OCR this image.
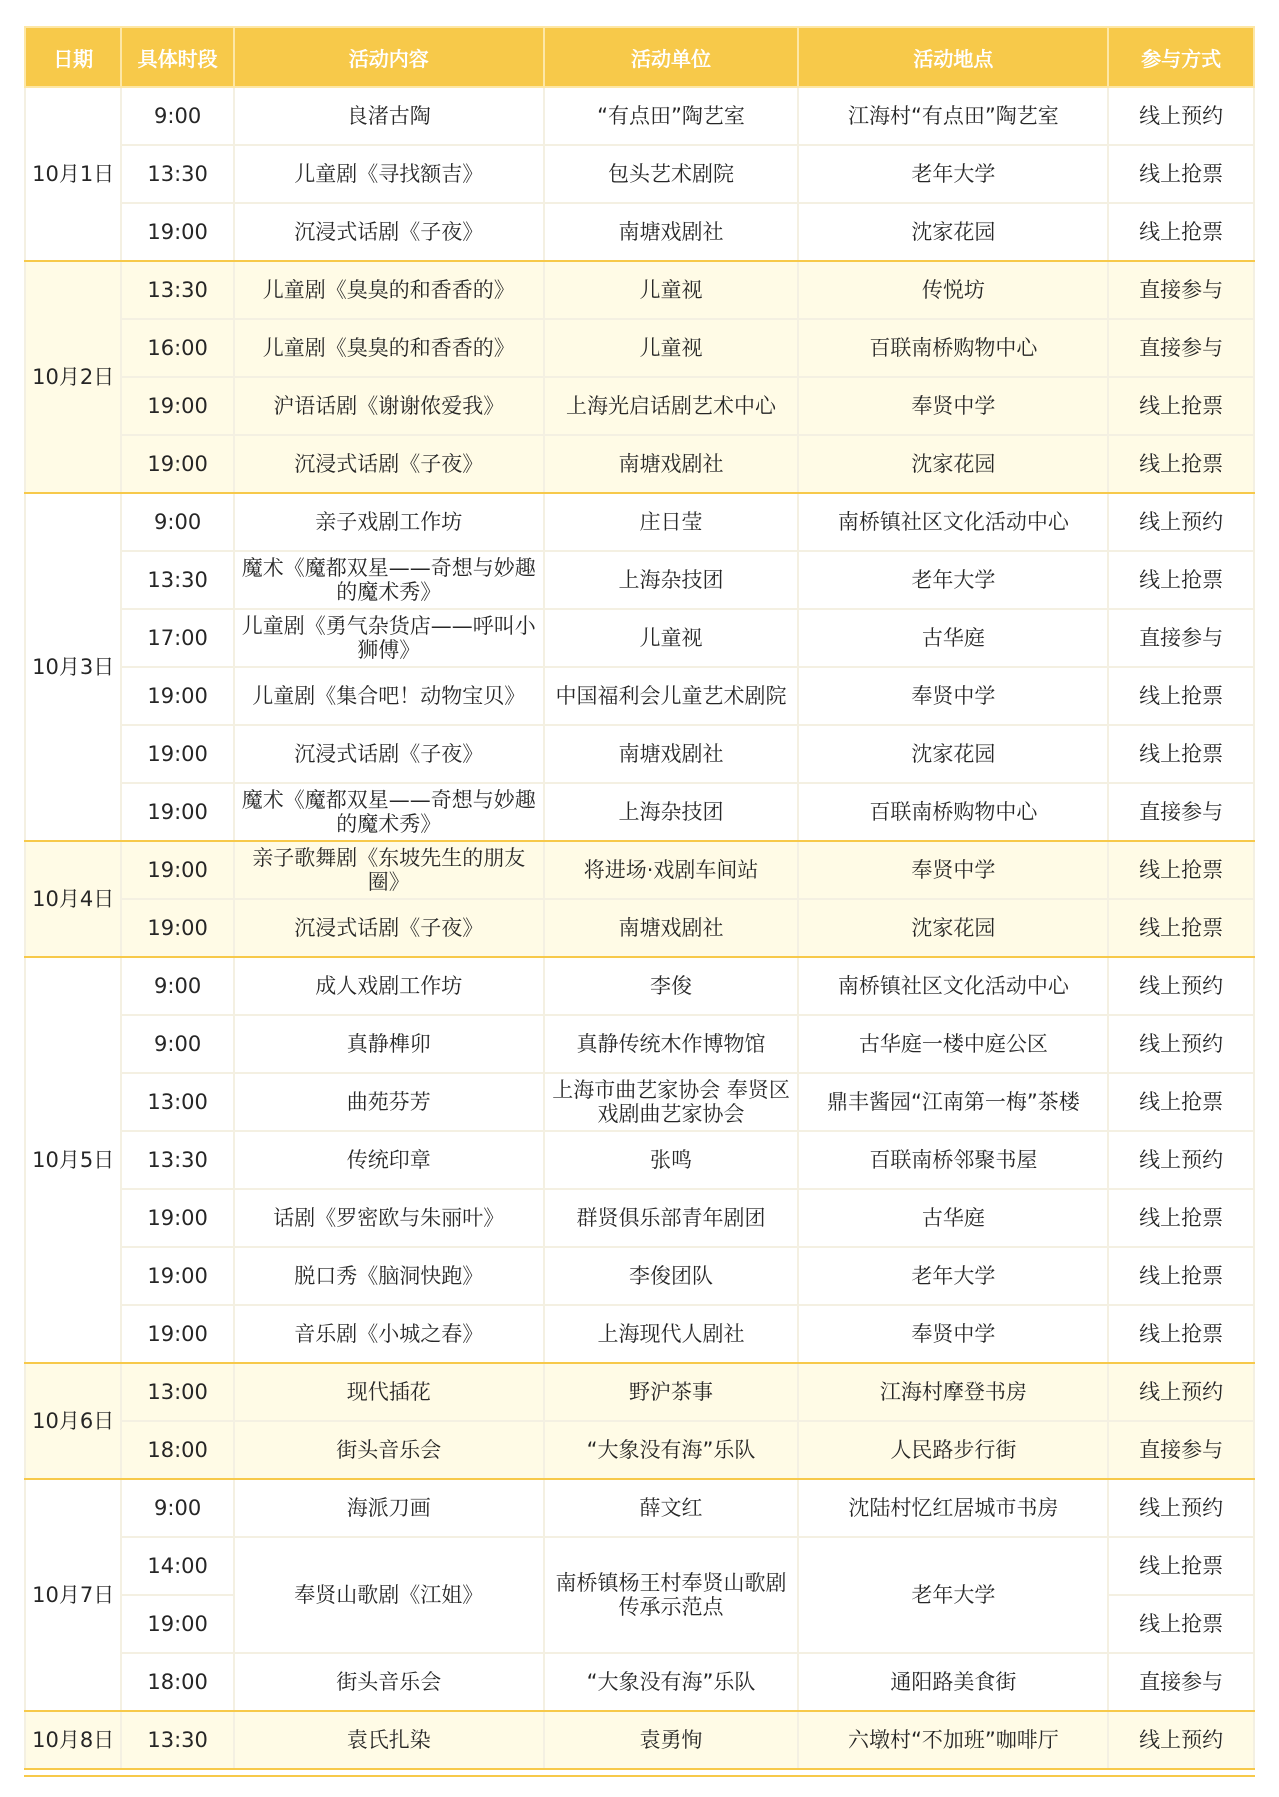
日期	具体时段	活动内容	活动单位	活动地点	参与方式
10月1日	9:00	良渚古陶	“有点田”陶艺室	江海村“有点田”陶艺室	线上预约
	13:30	儿童剧《寻找额吉》	包头艺术剧院	老年大学	线上抢票
	19:00	沉浸式话剧《子夜》	南塘戏剧社	沈家花园	线上抢票
10月2日	13:30	儿童剧《臭臭的和香香的》	儿童视	传悦坊	直接参与
	16:00	儿童剧《臭臭的和香香的》	儿童视	百联南桥购物中心	直接参与
	19:00	沪语话剧《谢谢侬爱我》	上海光启话剧艺术中心	奉贤中学	线上抢票
	19:00	沉浸式话剧《子夜》	南塘戏剧社	沈家花园	线上抢票
10月3日	9:00	亲子戏剧工作坊	庄日莹	南桥镇社区文化活动中心	线上预约
	13:30	魔术《魔都双星——奇想与妙趣的魔术秀》	上海杂技团	老年大学	线上抢票
	17:00	儿童剧《勇气杂货店——呼叫小狮傅》	儿童视	古华庭	直接参与
	19:00	儿童剧《集合吧！动物宝贝》	中国福利会儿童艺术剧院	奉贤中学	线上抢票
	19:00	沉浸式话剧《子夜》	南塘戏剧社	沈家花园	线上抢票
	19:00	魔术《魔都双星——奇想与妙趣的魔术秀》	上海杂技团	百联南桥购物中心	直接参与
10月4日	19:00	亲子歌舞剧《东坡先生的朋友圈》	将进场·戏剧车间站	奉贤中学	线上抢票
	19:00	沉浸式话剧《子夜》	南塘戏剧社	沈家花园	线上抢票
10月5日	9:00	成人戏剧工作坊	李俊	南桥镇社区文化活动中心	线上预约
	9:00	真静榫卯	真静传统木作博物馆	古华庭一楼中庭公区	线上预约
	13:00	曲苑芬芳	上海市曲艺家协会 奉贤区戏剧曲艺家协会	鼎丰酱园“江南第一梅”茶楼	线上抢票
	13:30	传统印章	张鸣	百联南桥邻聚书屋	线上预约
	19:00	话剧《罗密欧与朱丽叶》	群贤俱乐部青年剧团	古华庭	线上抢票
	19:00	脱口秀《脑洞快跑》	李俊团队	老年大学	线上抢票
	19:00	音乐剧《小城之春》	上海现代人剧社	奉贤中学	线上抢票
10月6日	13:00	现代插花	野沪茶事	江海村摩登书房	线上预约
	18:00	街头音乐会	“大象没有海”乐队	人民路步行街	直接参与
10月7日	9:00	海派刀画	薛文红	沈陆村忆红居城市书房	线上预约
	14:00	奉贤山歌剧《江姐》	南桥镇杨王村奉贤山歌剧传承示范点	老年大学	线上抢票
	19:00				线上抢票
	18:00	街头音乐会	“大象没有海”乐队	通阳路美食街	直接参与
10月8日	13:30	袁氏扎染	袁勇恂	六墩村“不加班”咖啡厅	线上预约
